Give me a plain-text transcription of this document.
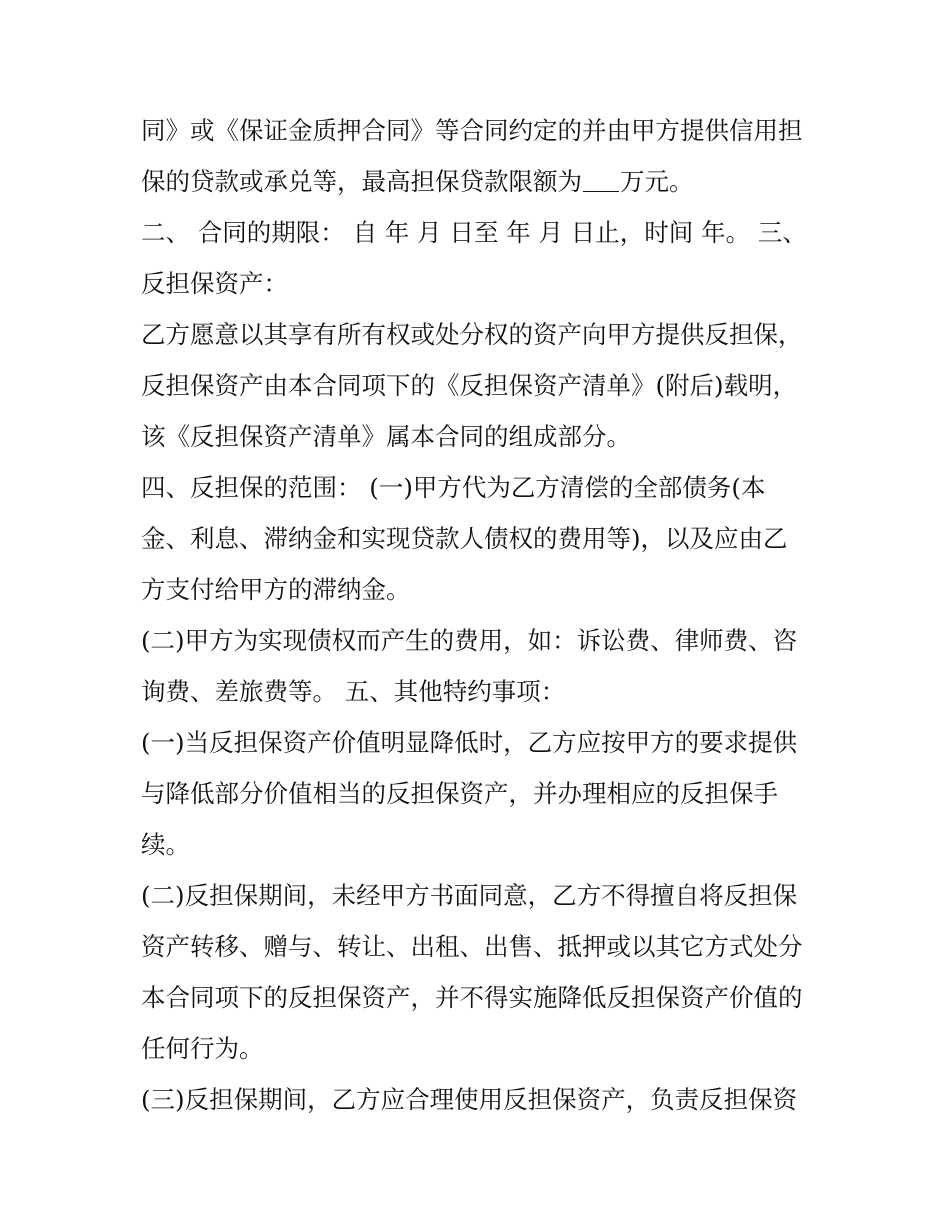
同》或《保证金质押合同》等合同约定的并由甲方提供信用担
保的贷款或承兑等，最高担保贷款限额为 万元。
二、 合同的期限： 自 年 月 日至 年 月 日止，时间 年。 三、
反担保资产：
乙方愿意以其享有所有权或处分权的资产向甲方提供反担保，
反担保资产由本合同项下的《反担保资产清单》(附后)载明，
该《反担保资产清单》属本合同的组成部分。
四、反担保的范围： (一)甲方代为乙方清偿的全部债务(本
金、利息、滞纳金和实现贷款人债权的费用等)，以及应由乙
方支付给甲方的滞纳金。
(二)甲方为实现债权而产生的费用，如：诉讼费、律师费、咨
询费、差旅费等。 五、其他特约事项：
(一)当反担保资产价值明显降低时，乙方应按甲方的要求提供
与降低部分价值相当的反担保资产，并办理相应的反担保手
续。
(二)反担保期间，未经甲方书面同意，乙方不得擅自将反担保
资产转移、赠与、转让、出租、出售、抵押或以其它方式处分
本合同项下的反担保资产，并不得实施降低反担保资产价值的
任何行为。
(三)反担保期间，乙方应合理使用反担保资产，负责反担保资
